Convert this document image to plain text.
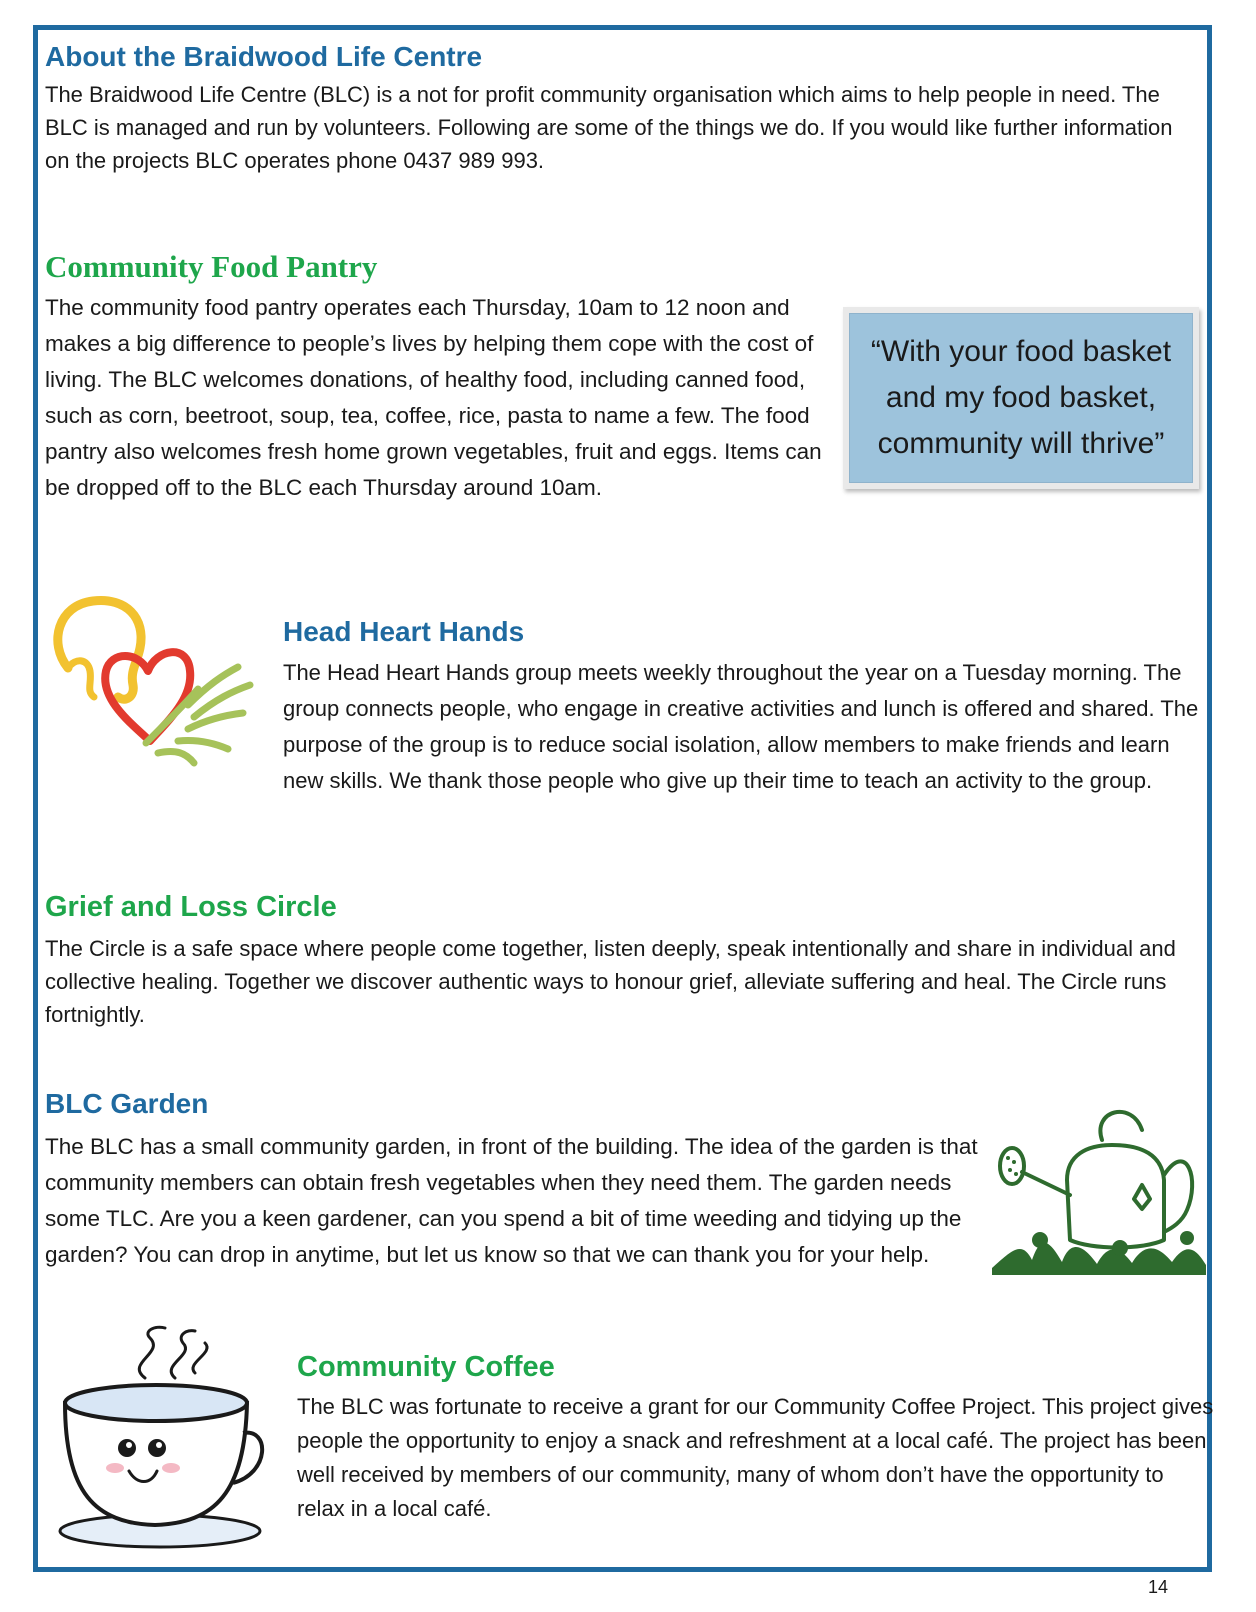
About the Braidwood Life Centre

The Braidwood Life Centre (BLC) is a not for profit community organisation which aims to help people in need. The BLC is managed and run by volunteers. Following are some of the things we do. If you would like further information on the projects BLC operates phone 0437 989 993.

Community Food Pantry

The community food pantry operates each Thursday, 10am to 12 noon and makes a big difference to people’s lives by helping them cope with the cost of living. The BLC welcomes donations, of healthy food, including canned food, such as corn, beetroot, soup, tea, coffee, rice, pasta to name a few. The food pantry also welcomes fresh home grown vegetables, fruit and eggs. Items can be dropped off to the BLC each Thursday around 10am.

“With your food basket and my food basket, community will thrive”
Head Heart Hands

The Head Heart Hands group meets weekly throughout the year on a Tuesday morning. The group connects people, who engage in creative activities and lunch is offered and shared. The purpose of the group is to reduce social isolation, allow members to make friends and learn new skills. We thank those people who give up their time to teach an activity to the group.

Grief and Loss Circle

The Circle is a safe space where people come together, listen deeply, speak intentionally and share in individual and collective healing. Together we discover authentic ways to honour grief, alleviate suffering and heal. The Circle runs fortnightly.

BLC Garden

The BLC has a small community garden, in front of the building. The idea of the garden is that community members can obtain fresh vegetables when they need them. The garden needs some TLC. Are you a keen gardener, can you spend a bit of time weeding and tidying up the garden? You can drop in anytime, but let us know so that we can thank you for your help.

Community Coffee

The BLC was fortunate to receive a grant for our Community Coffee Project. This project gives people the opportunity to enjoy a snack and refreshment at a local café. The project has been well received by members of our community, many of whom don’t have the opportunity to relax in a local café.

14
